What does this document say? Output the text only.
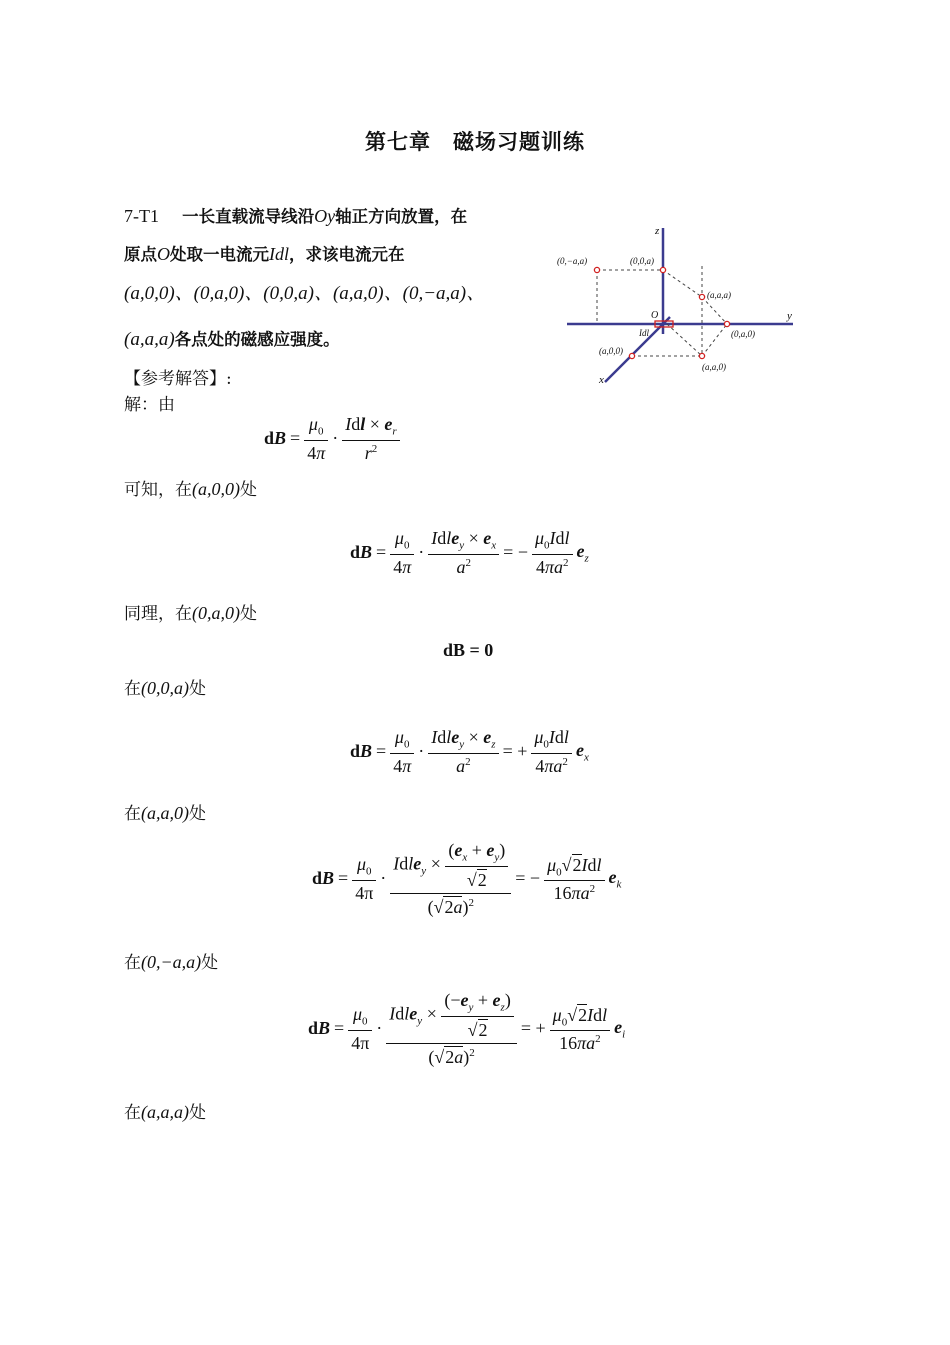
第七章　磁场习题训练
7-T1 一长直载流导线沿Oy轴正方向放置，在
原点O处取一电流元Idl，求该电流元在
(a,0,0)、(0,a,0)、(0,0,a)、(a,a,0)、(0,−a,a)、
(a,a,a)各点处的磁感应强度。
z
y
x
O
Idl
(0,−a,a)	(0,0,a)
(a,a,a)
(0,a,0)
(a,0,0)
(a,a,0)
【参考解答】:
解：由
dB = $\frac{\mu_0}{4\pi} \cdot \frac{Idl \times e_r}{r^2}$
可知，在(a,0,0)处
dB = $\frac{\mu_0}{4\pi} \cdot \frac{Idle_y \times e_x}{a^2}$ = − $\frac{\mu_0Idl}{4\pi a^2} e_z$
同理，在(0,a,0)处
dB = 0
在(0,0,a)处
dB = $\frac{\mu_0}{4\pi} \cdot \frac{Idle_y \times e_z}{a^2}$ = + $\frac{\mu_0Idl}{4\pi a^2} e_x$
在(a,a,0)处
dB = $\frac{\mu_0}{4\pi} \cdot \frac{Idle_y \times \frac{(e_x + e_y)}{√2}}{(√2a)^2}$ = − $\frac{\mu_0√2Idl}{16\pi a^2} e_k$
在(0,−a,a)处
dB = $\frac{\mu_0}{4\pi} \cdot \frac{Idle_y \times \frac{(-e_y + e_z)}{√2}}{(√2a)^2}$ = + $\frac{\mu_0√2Idl}{16\pi a^2} e_i$
在(a,a,a)处
